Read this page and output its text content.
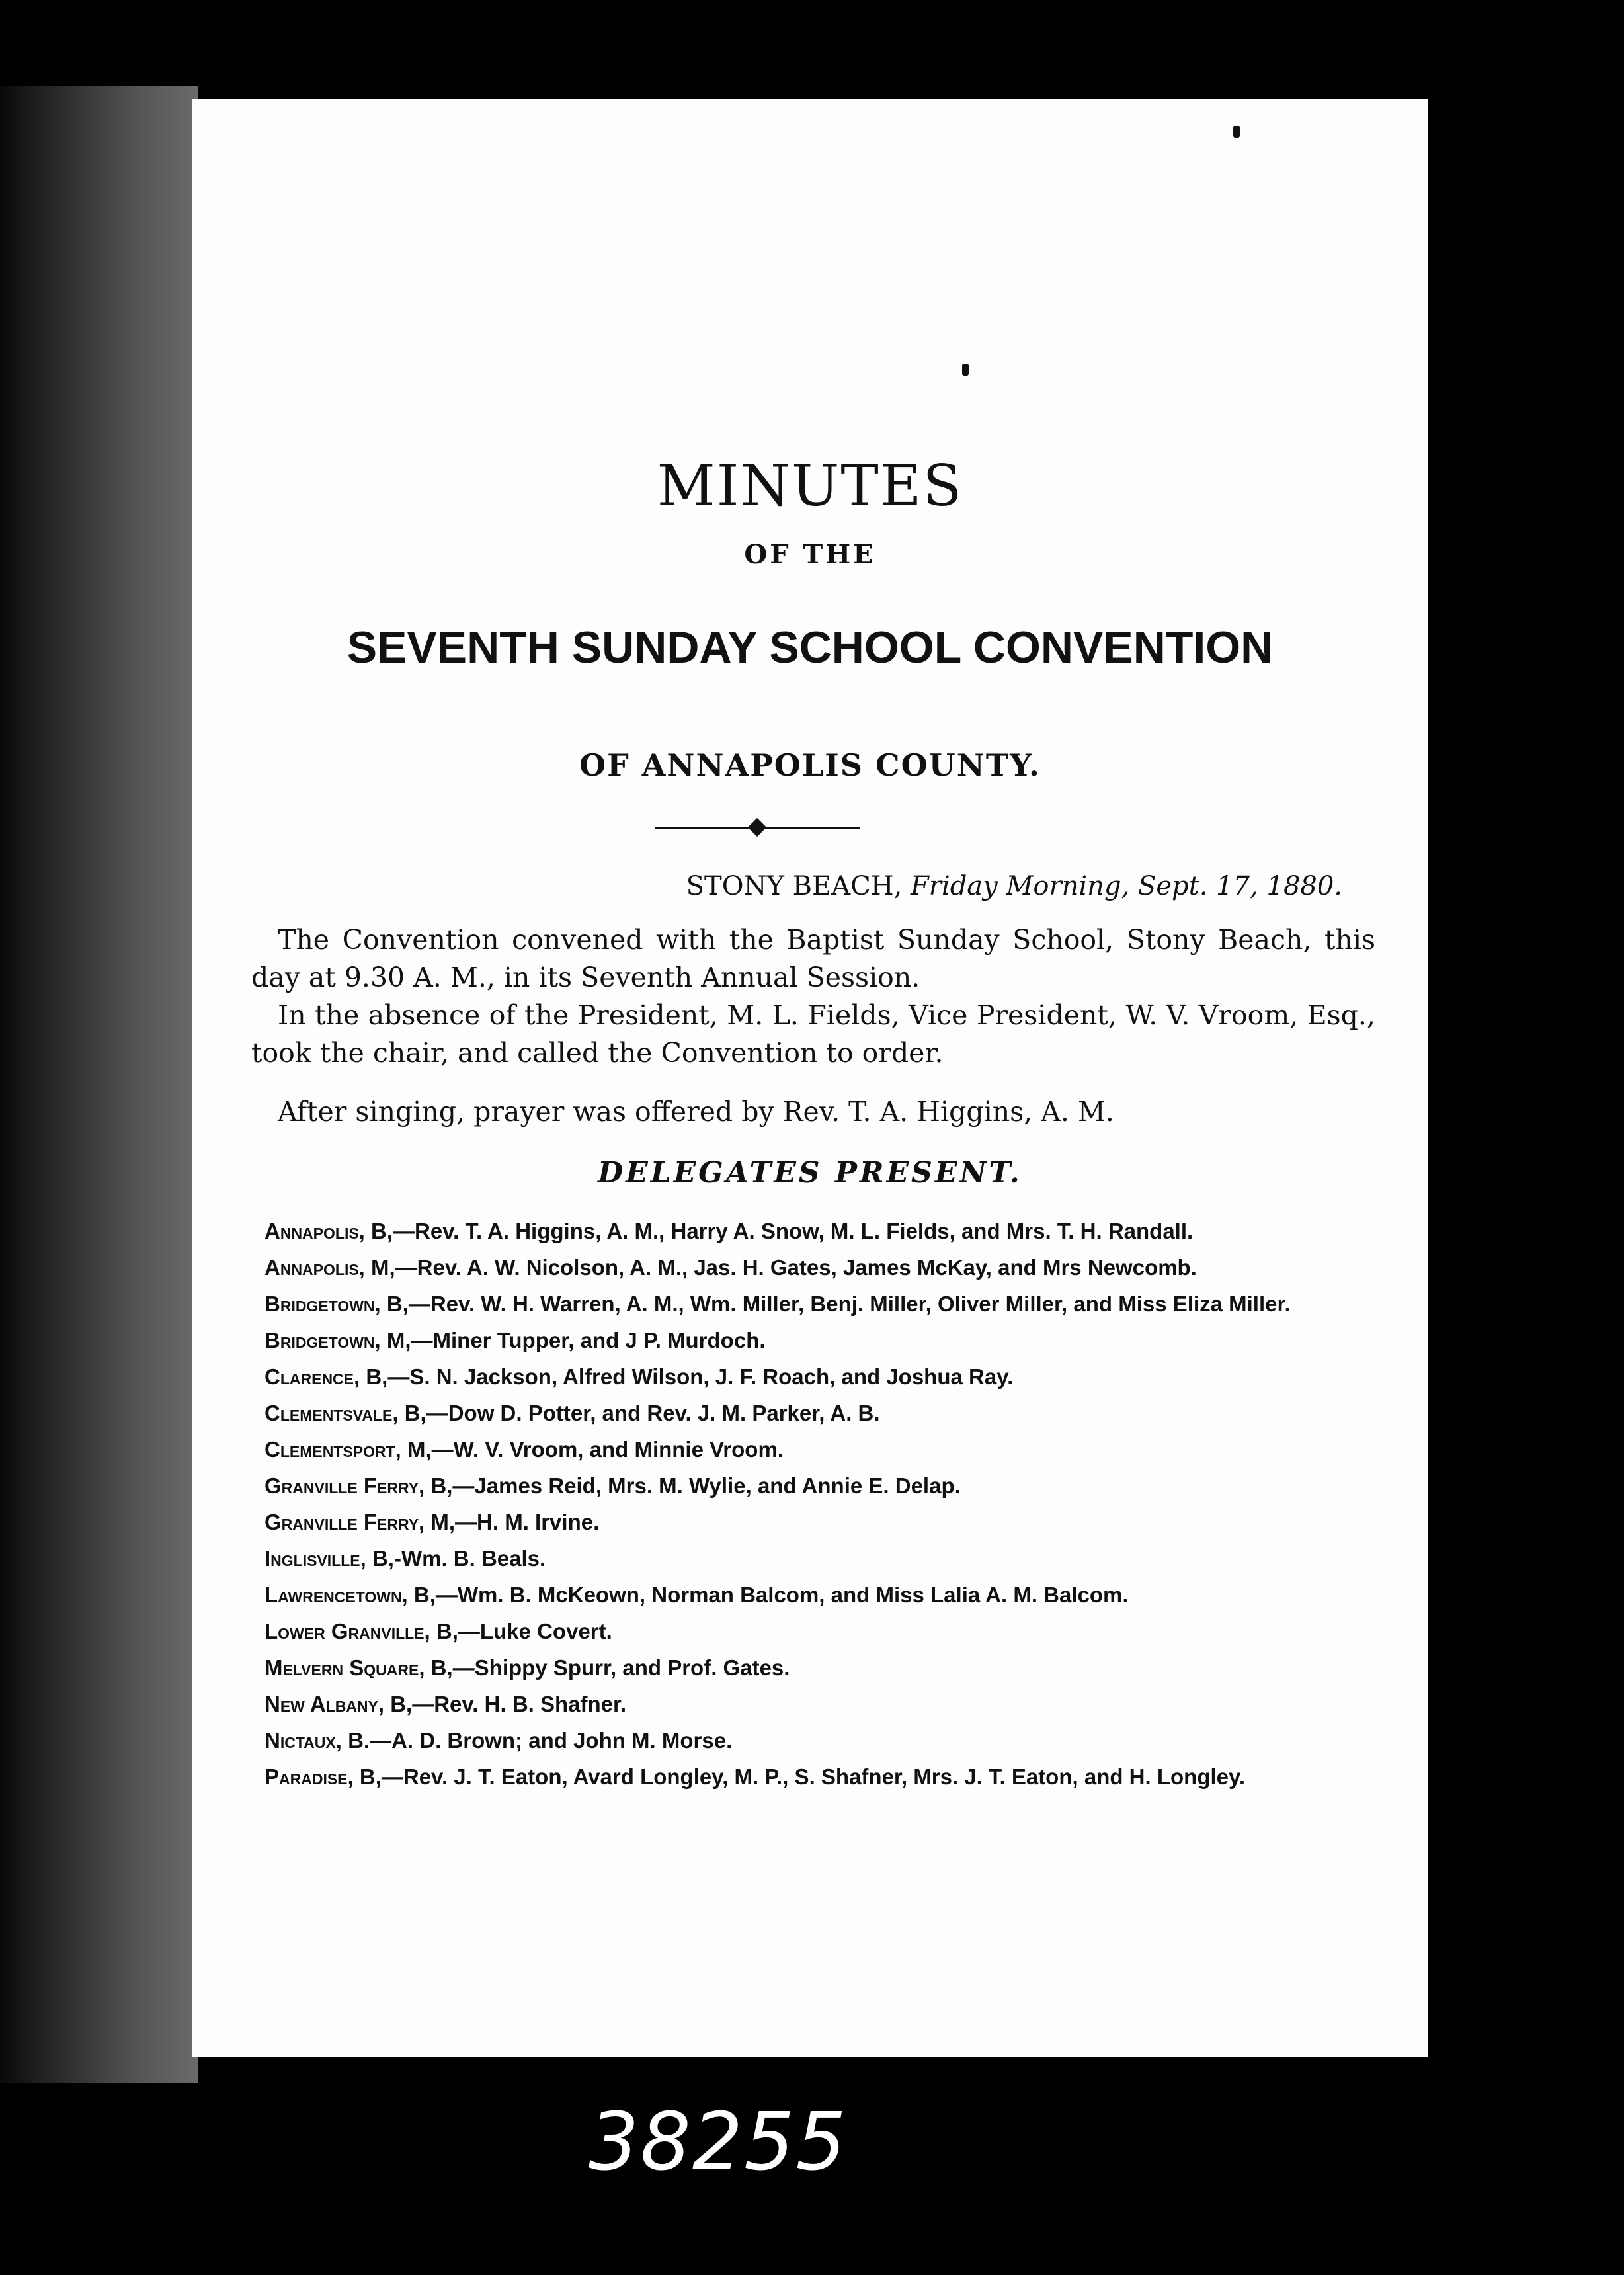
MINUTES
OF THE
SEVENTH SUNDAY SCHOOL CONVENTION
OF ANNAPOLIS COUNTY.
STONY BEACH, Friday Morning, Sept. 17, 1880.
The Convention convened with the Baptist Sunday School, Stony Beach, this day at 9.30 A. M., in its Seventh Annual Session.
In the absence of the President, M. L. Fields, Vice President, W. V. Vroom, Esq., took the chair, and called the Convention to order.
After singing, prayer was offered by Rev. T. A. Higgins, A. M.
DELEGATES PRESENT.
Annapolis, B,—Rev. T. A. Higgins, A. M., Harry A. Snow, M. L. Fields, and Mrs. T. H. Randall.
Annapolis, M,—Rev. A. W. Nicolson, A. M., Jas. H. Gates, James McKay, and Mrs Newcomb.
Bridgetown, B,—Rev. W. H. Warren, A. M., Wm. Miller, Benj. Miller, Oliver Miller, and Miss Eliza Miller.
Bridgetown, M,—Miner Tupper, and J P. Murdoch.
Clarence, B,—S. N. Jackson, Alfred Wilson, J. F. Roach, and Joshua Ray.
Clementsvale, B,—Dow D. Potter, and Rev. J. M. Parker, A. B.
Clementsport, M,—W. V. Vroom, and Minnie Vroom.
Granville Ferry, B,—James Reid, Mrs. M. Wylie, and Annie E. Delap.
Granville Ferry, M,—H. M. Irvine.
Inglisville, B,-Wm. B. Beals.
Lawrencetown, B,—Wm. B. McKeown, Norman Balcom, and Miss Lalia A. M. Balcom.
Lower Granville, B,—Luke Covert.
Melvern Square, B,—Shippy Spurr, and Prof. Gates.
New Albany, B,—Rev. H. B. Shafner.
Nictaux, B.—A. D. Brown; and John M. Morse.
Paradise, B,—Rev. J. T. Eaton, Avard Longley, M. P., S. Shafner, Mrs. J. T. Eaton, and H. Longley.
38255
